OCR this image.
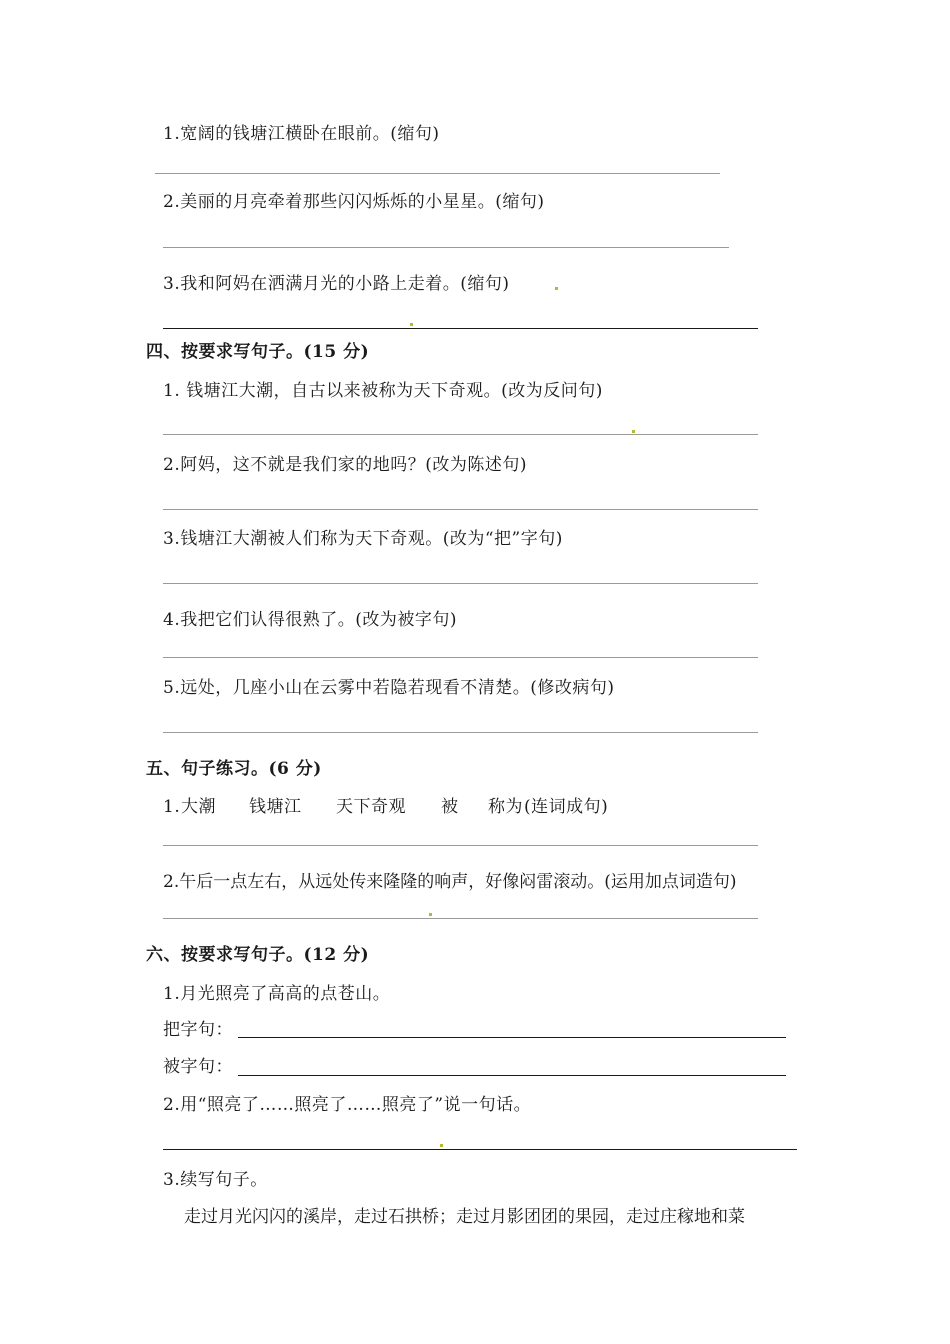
1.宽阔的钱塘江横卧在眼前。(缩句)
2.美丽的月亮牵着那些闪闪烁烁的小星星。(缩句)
3.我和阿妈在洒满月光的小路上走着。(缩句)
四、按要求写句子。(15 分)
1. 钱塘江大潮，自古以来被称为天下奇观。(改为反问句)
2.阿妈，这不就是我们家的地吗？(改为陈述句)
3.钱塘江大潮被人们称为天下奇观。(改为“把”字句)
4.我把它们认得很熟了。(改为被字句)
5.远处，几座小山在云雾中若隐若现看不清楚。(修改病句)
五、句子练习。(6 分)
1. 大潮 钱塘江 天下奇观 被 称为 (连词成句)
2.午后一点左右，从远处传来隆隆的响声，好像闷雷滚动。(运用加点词造句)
六、按要求写句子。(12 分)
1.月光照亮了高高的点苍山。
把字句：
被字句：
2.用“照亮了……照亮了……照亮了”说一句话。
3.续写句子。
走过月光闪闪的溪岸，走过石拱桥；走过月影团团的果园，走过庄稼地和菜
